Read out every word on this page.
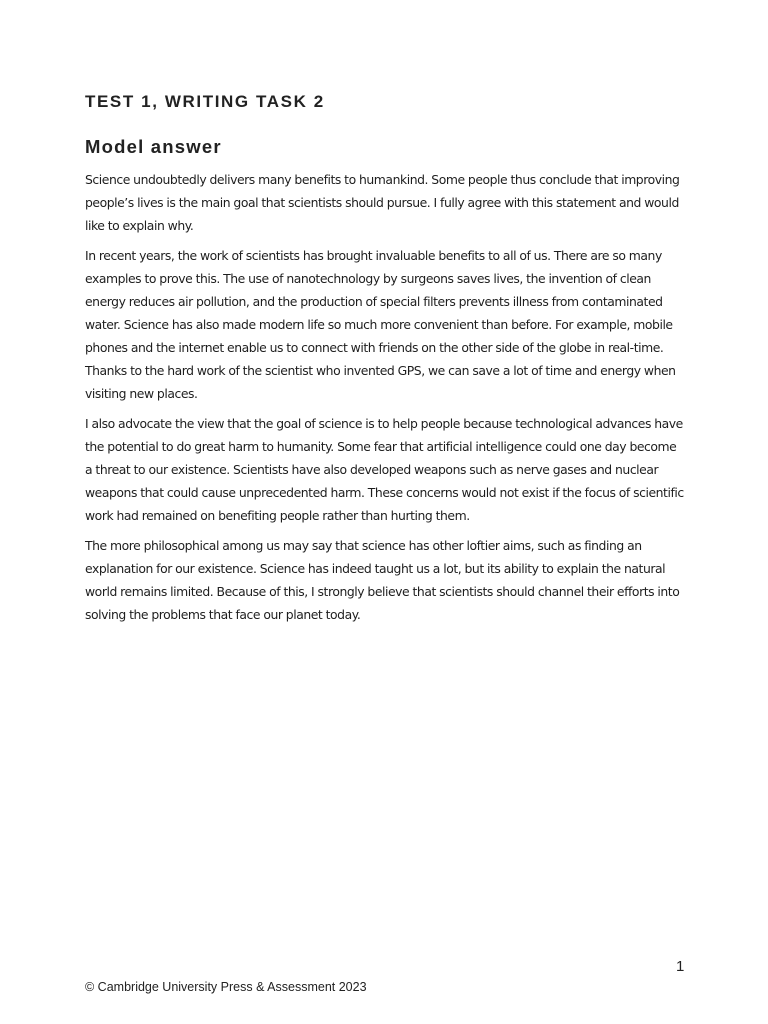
TEST 1, WRITING TASK 2
Model answer

Science undoubtedly delivers many benefits to humankind. Some people thus conclude that improving people’s lives is the main goal that scientists should pursue. I fully agree with this statement and would like to explain why.

In recent years, the work of scientists has brought invaluable benefits to all of us. There are so many examples to prove this. The use of nanotechnology by surgeons saves lives, the invention of clean energy reduces air pollution, and the production of special filters prevents illness from contaminated water. Science has also made modern life so much more convenient than before. For example, mobile phones and the internet enable us to connect with friends on the other side of the globe in real-time. Thanks to the hard work of the scientist who invented GPS, we can save a lot of time and energy when visiting new places.

I also advocate the view that the goal of science is to help people because technological advances have the potential to do great harm to humanity. Some fear that artificial intelligence could one day become a threat to our existence. Scientists have also developed weapons such as nerve gases and nuclear weapons that could cause unprecedented harm. These concerns would not exist if the focus of scientific work had remained on benefiting people rather than hurting them.

The more philosophical among us may say that science has other loftier aims, such as finding an explanation for our existence. Science has indeed taught us a lot, but its ability to explain the natural world remains limited. Because of this, I strongly believe that scientists should channel their efforts into solving the problems that face our planet today.

1
© Cambridge University Press & Assessment 2023
